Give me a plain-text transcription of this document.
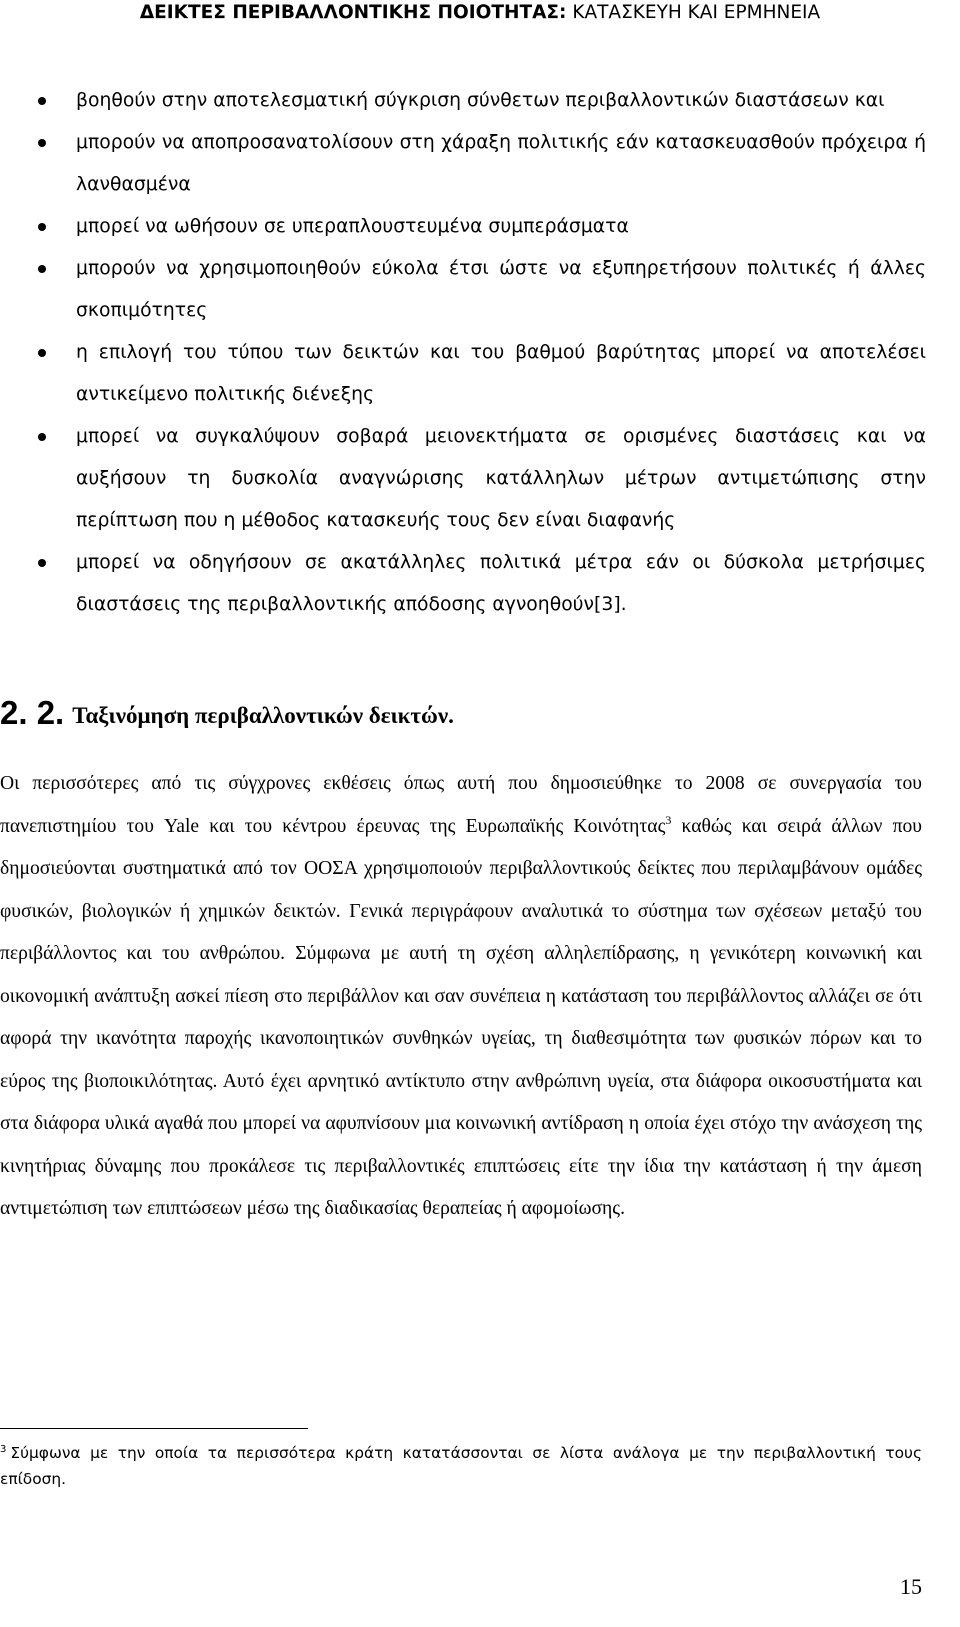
ΔΕΙΚΤΕΣ ΠΕΡΙΒΑΛΛΟΝΤΙΚΗΣ ΠΟΙΟΤΗΤΑΣ: ΚΑΤΑΣΚΕΥΗ ΚΑΙ ΕΡΜΗΝΕΙΑ
βοηθούν στην αποτελεσματική σύγκριση σύνθετων περιβαλλοντικών διαστάσεων και
μπορούν να αποπροσανατολίσουν στη χάραξη πολιτικής εάν κατασκευασθούν πρόχειρα ή λανθασμένα
μπορεί να ωθήσουν σε υπεραπλουστευμένα συμπεράσματα
μπορούν να χρησιμοποιηθούν εύκολα έτσι ώστε να εξυπηρετήσουν πολιτικές ή άλλες σκοπιμότητες
η επιλογή του τύπου των δεικτών και του βαθμού βαρύτητας μπορεί να αποτελέσει αντικείμενο πολιτικής διένεξης
μπορεί να συγκαλύψουν σοβαρά μειονεκτήματα σε ορισμένες διαστάσεις και να αυξήσουν τη δυσκολία αναγνώρισης κατάλληλων μέτρων αντιμετώπισης στην περίπτωση που η μέθοδος κατασκευής τους δεν είναι διαφανής
μπορεί να οδηγήσουν σε ακατάλληλες πολιτικά μέτρα εάν οι δύσκολα μετρήσιμες διαστάσεις της περιβαλλοντικής απόδοσης αγνοηθούν[3].
2. 2. Ταξινόμηση περιβαλλοντικών δεικτών.

Οι περισσότερες από τις σύγχρονες εκθέσεις όπως αυτή που δημοσιεύθηκε το 2008 σε συνεργασία του πανεπιστημίου του Yale και του κέντρου έρευνας της Ευρωπαϊκής Κοινότητας$^3$ καθώς και σειρά άλλων που δημοσιεύονται συστηματικά από τον ΟΟΣΑ χρησιμοποιούν περιβαλλοντικούς δείκτες που περιλαμβάνουν ομάδες φυσικών, βιολογικών ή χημικών δεικτών. Γενικά περιγράφουν αναλυτικά το σύστημα των σχέσεων μεταξύ του περιβάλλοντος και του ανθρώπου. Σύμφωνα με αυτή τη σχέση αλληλεπίδρασης, η γενικότερη κοινωνική και οικονομική ανάπτυξη ασκεί πίεση στο περιβάλλον και σαν συνέπεια η κατάσταση του περιβάλλοντος αλλάζει σε ότι αφορά την ικανότητα παροχής ικανοποιητικών συνθηκών υγείας, τη διαθεσιμότητα των φυσικών πόρων και το εύρος της βιοποικιλότητας. Αυτό έχει αρνητικό αντίκτυπο στην ανθρώπινη υγεία, στα διάφορα οικοσυστήματα και στα διάφορα υλικά αγαθά που μπορεί να αφυπνίσουν μια κοινωνική αντίδραση η οποία έχει στόχο την ανάσχεση της κινητήριας δύναμης που προκάλεσε τις περιβαλλοντικές επιπτώσεις είτε την ίδια την κατάσταση ή την άμεση αντιμετώπιση των επιπτώσεων μέσω της διαδικασίας θεραπείας ή αφομοίωσης.

$^3$ Σύμφωνα με την οποία τα περισσότερα κράτη κατατάσσονται σε λίστα ανάλογα με την περιβαλλοντική τους επίδοση.

15
